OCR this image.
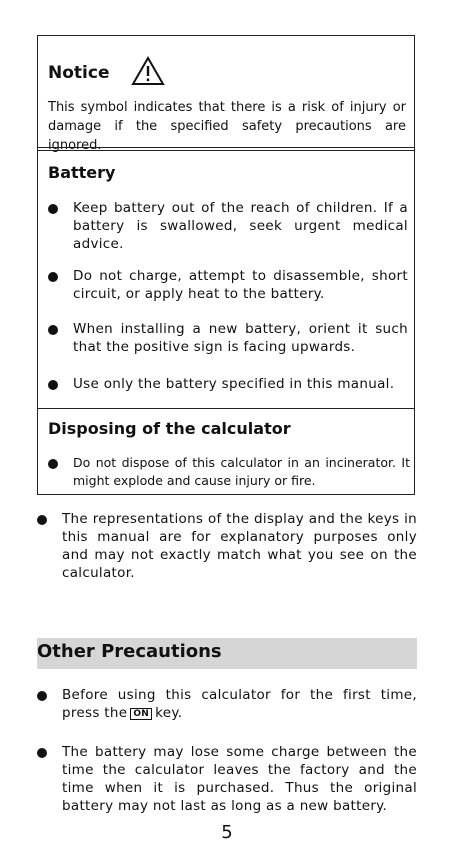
Notice
This symbol indicates that there is a risk of injury or damage if the specified safety precautions are ignored.
Battery
Keep battery out of the reach of children. If a battery is swallowed, seek urgent medical advice.
Do not charge, attempt to disassemble, short circuit, or apply heat to the battery.
When installing a new battery, orient it such that the positive sign is facing upwards.
Use only the battery specified in this manual.
Disposing of the calculator
Do not dispose of this calculator in an incinerator. It might explode and cause injury or fire.
The representations of the display and the keys in this manual are for explanatory purposes only and may not exactly match what you see on the calculator.
Other Precautions
Before using this calculator for the first time, press the ON key.
The battery may lose some charge between the time the calculator leaves the factory and the time when it is purchased. Thus the original battery may not last as long as a new battery.
5
